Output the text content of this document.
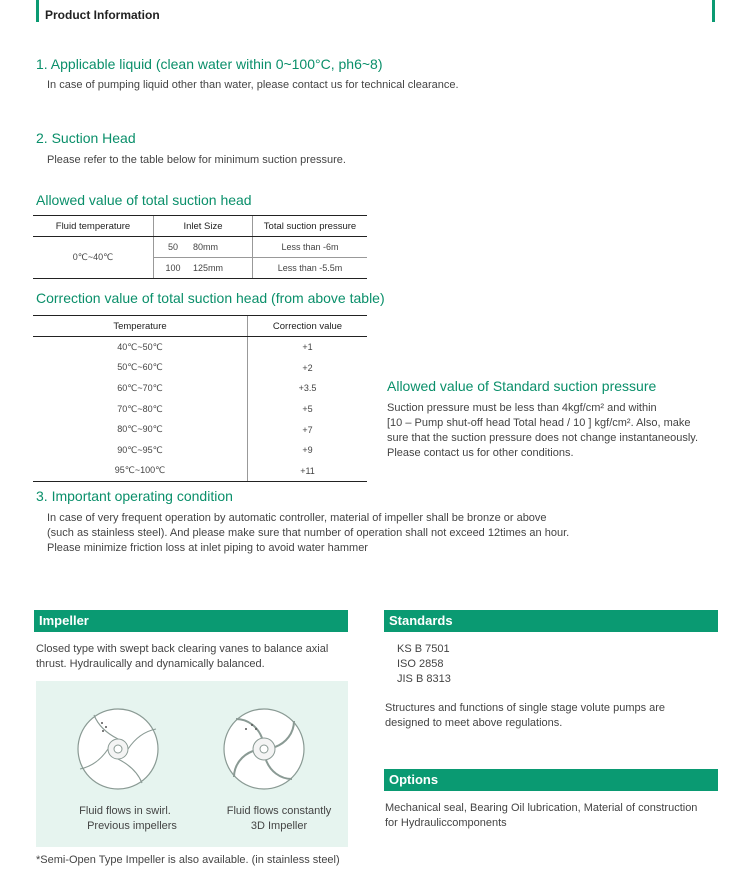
Product Information
1. Applicable liquid (clean water within 0~100°C, ph6~8)
In case of pumping liquid other than water, please contact us for technical clearance.
2. Suction Head
Please refer to the table below for minimum suction pressure.
Allowed value of total suction head
Fluid temperature	Inlet Size		Total suction pressure
0℃~40℃	50	80mm	Less than -6m
	100	125mm	Less than -5.5m
Correction value of total suction head (from above table)
Temperature	Correction value
40℃~50℃	+1
50℃~60℃	+2
60℃~70℃	+3.5
70℃~80℃	+5
80℃~90℃	+7
90℃~95℃	+9
95℃~100℃	+11
Allowed value of Standard suction pressure
Suction pressure must be less than 4kgf/cm² and within
[10 – Pump shut-off head Total head / 10 ] kgf/cm². Also, make
sure that the suction pressure does not change instantaneously.
Please contact us for other conditions.
3. Important operating condition
In case of very frequent operation by automatic controller, material of impeller shall be bronze or above
(such as stainless steel). And please make sure that number of operation shall not exceed 12times an hour.
Please minimize friction loss at inlet piping to avoid water hammer
Impeller
Closed type with swept back clearing vanes to balance axial
thrust. Hydraulically and dynamically balanced.
Fluid flows in swirl.
Previous impellers
Fluid flows constantly
3D Impeller
*Semi-Open Type Impeller is also available. (in stainless steel)
Standards
KS B 7501
ISO 2858
JIS B 8313
Structures and functions of single stage volute pumps are
designed to meet above regulations.
Options
Mechanical seal, Bearing Oil lubrication, Material of construction
for Hydrauliccomponents
